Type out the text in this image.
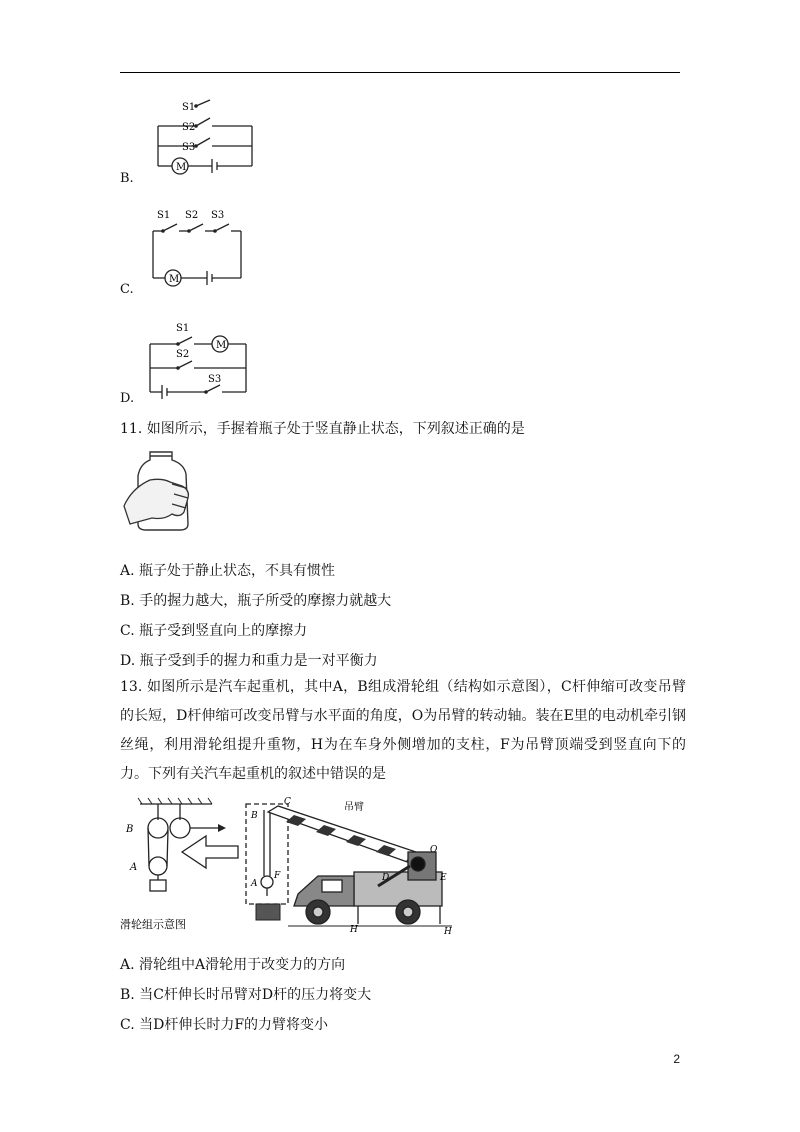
B.
M
S1
S2
S3
C.
M
S1 S2 S3
D.
M
S1
S2
S3
11. 如图所示，手握着瓶子处于竖直静止状态，下列叙述正确的是
A. 瓶子处于静止状态，不具有惯性
B. 手的握力越大，瓶子所受的摩擦力就越大
C. 瓶子受到竖直向上的摩擦力
D. 瓶子受到手的握力和重力是一对平衡力
13. 如图所示是汽车起重机，其中A，B组成滑轮组（结构如示意图），C杆伸缩可改变吊臂的长短，D杆伸缩可改变吊臂与水平面的角度，O为吊臂的转动轴。装在E里的电动机牵引钢丝绳，利用滑轮组提升重物，H为在车身外侧增加的支柱，F为吊臂顶端受到竖直向下的力。下列有关汽车起重机的叙述中错误的是
B
A
滑轮组示意图
B
A
F
C	吊臂
O
D	E
H	H
A. 滑轮组中A滑轮用于改变力的方向
B. 当C杆伸长时吊臂对D杆的压力将变大
C. 当D杆伸长时力F的力臂将变小
2
